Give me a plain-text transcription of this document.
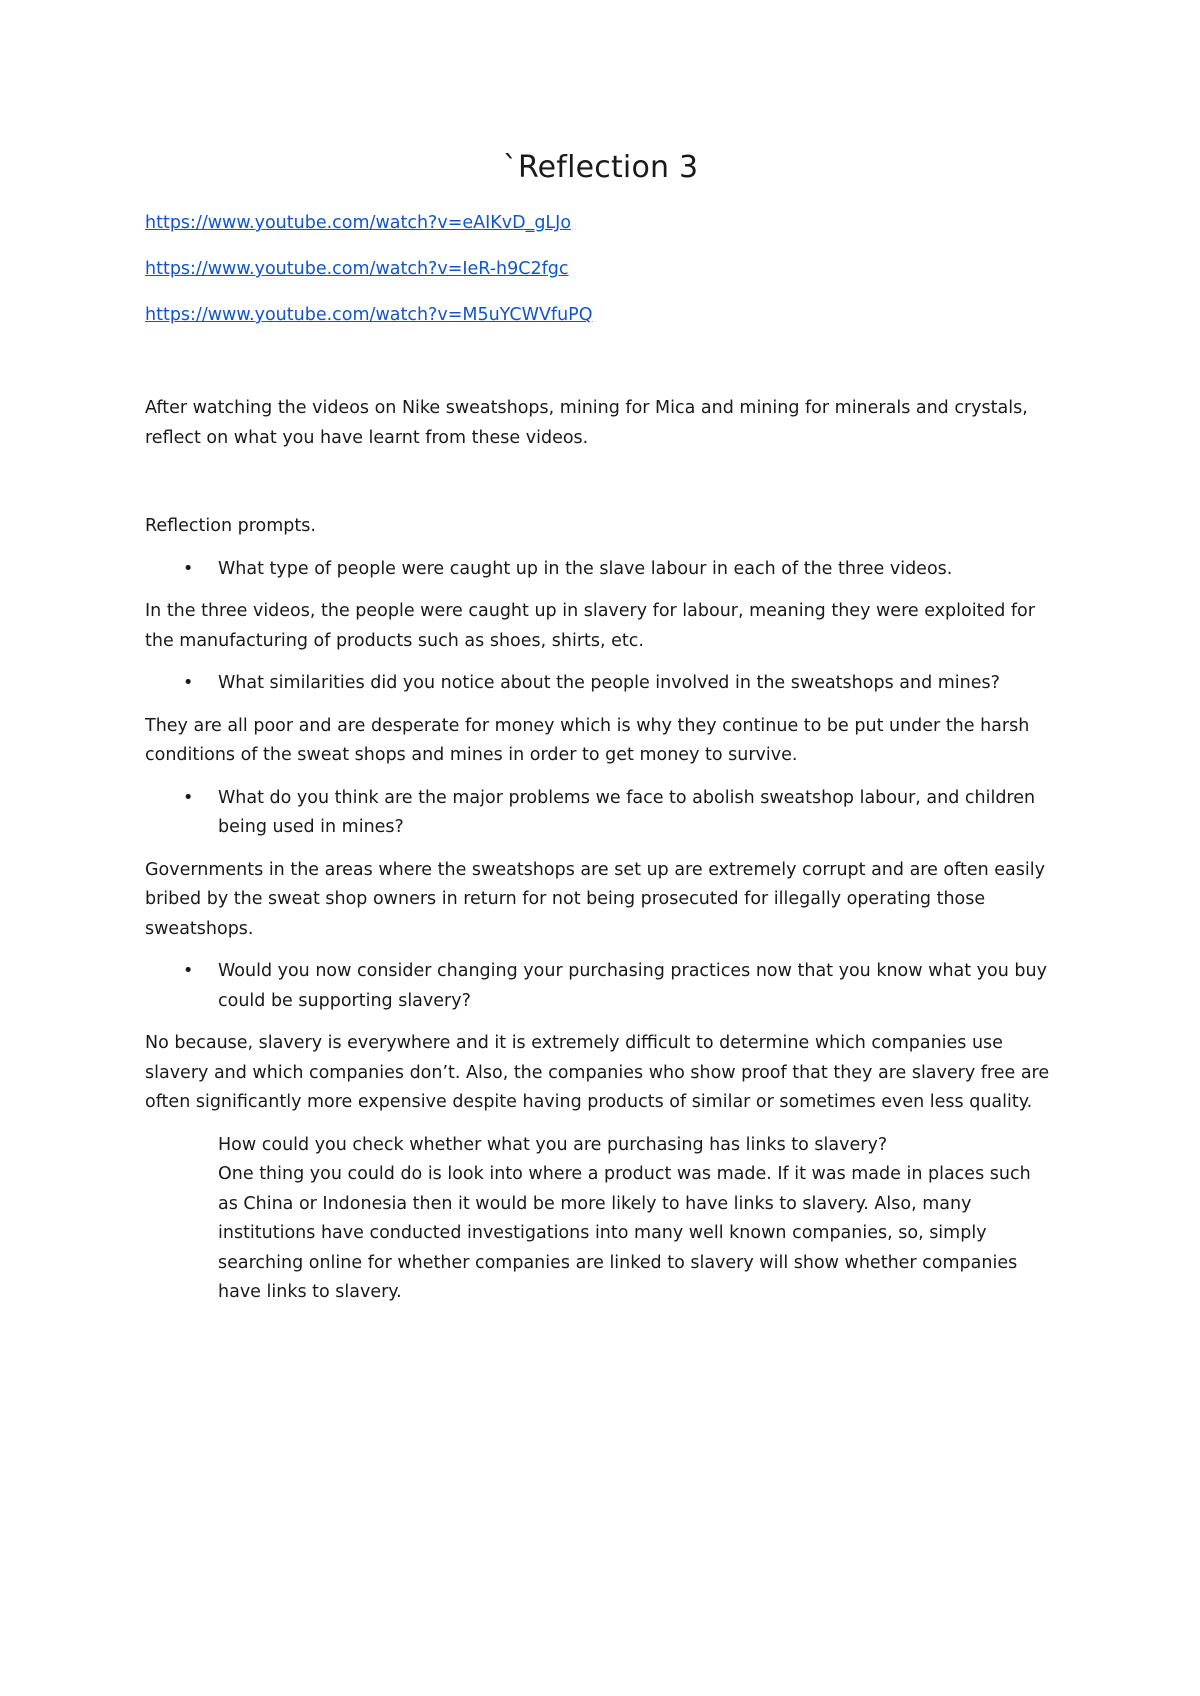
`Reflection 3

https://www.youtube.com/watch?v=eAIKvD_gLJo

https://www.youtube.com/watch?v=IeR-h9C2fgc

https://www.youtube.com/watch?v=M5uYCWVfuPQ

After watching the videos on Nike sweatshops, mining for Mica and mining for minerals and crystals, reflect on what you have learnt from these videos.

Reflection prompts.

• What type of people were caught up in the slave labour in each of the three videos.

In the three videos, the people were caught up in slavery for labour, meaning they were exploited for the manufacturing of products such as shoes, shirts, etc.

• What similarities did you notice about the people involved in the sweatshops and mines?

They are all poor and are desperate for money which is why they continue to be put under the harsh conditions of the sweat shops and mines in order to get money to survive.

• What do you think are the major problems we face to abolish sweatshop labour, and children being used in mines?

Governments in the areas where the sweatshops are set up are extremely corrupt and are often easily bribed by the sweat shop owners in return for not being prosecuted for illegally operating those sweatshops.

• Would you now consider changing your purchasing practices now that you know what you buy could be supporting slavery?

No because, slavery is everywhere and it is extremely difficult to determine which companies use slavery and which companies don’t. Also, the companies who show proof that they are slavery free are often significantly more expensive despite having products of similar or sometimes even less quality.

How could you check whether what you are purchasing has links to slavery?

One thing you could do is look into where a product was made. If it was made in places such as China or Indonesia then it would be more likely to have links to slavery. Also, many institutions have conducted investigations into many well known companies, so, simply searching online for whether companies are linked to slavery will show whether companies have links to slavery.
